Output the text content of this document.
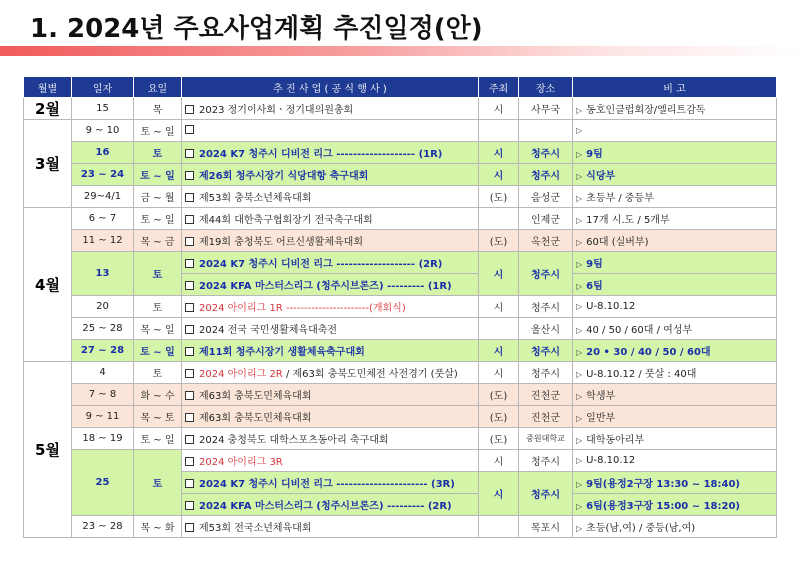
1. 2024년 주요사업계획 추진일정(안)
월별	일자	요일	추 진 사 업 ( 공 식 행 사 )	주최	장소	비 고
2월	15	목	2023 정기이사회ㆍ정기대의원총회	시	사무국	▷ 동호인클럽회장/엘리트감독
3월	9 ~ 10	토 ~ 일				▷
	16	토	2024 K7 청주시 디비전 리그 ------------------- (1R)	시	청주시	▷ 9팀
	23 ~ 24	토 ~ 일	제26회 청주시장기 식당대항 축구대회	시	청주시	▷ 식당부
	29~4/1	금 ~ 월	제53회 충북소년체육대회	(도)	음성군	▷ 초등부 / 중등부
4월	6 ~ 7	토 ~ 일	제44회 대한축구협회장기 전국축구대회		인제군	▷ 17개 시.도 / 5개부
	11 ~ 12	목 ~ 금	제19회 충청북도 어르신생활체육대회	(도)	옥천군	▷ 60대 (실버부)
	13	토	2024 K7 청주시 디비전 리그 ------------------- (2R)	시	청주시	▷ 9팀
			2024 KFA 마스터스리그 (청주시브론즈) --------- (1R)			▷ 6팀
	20	토	2024 아이리그 1R -----------------------(개회식)	시	청주시	▷ U-8.10.12
	25 ~ 28	목 ~ 일	2024 전국 국민생활체육대축전		울산시	▷ 40 / 50 / 60대 / 여성부
	27 ~ 28	토 ~ 일	제11회 청주시장기 생활체육축구대회	시	청주시	▷ 20 • 30 / 40 / 50 / 60대
5월	4	토	2024 아이리그 2R / 제63회 충북도민체전 사전경기 (풋살)	시	청주시	▷ U-8.10.12 / 풋살 : 40대
	7 ~ 8	화 ~ 수	제63회 충북도민체육대회	(도)	진천군	▷ 학생부
	9 ~ 11	목 ~ 토	제63회 충북도민체육대회	(도)	진천군	▷ 일반부
	18 ~ 19	토 ~ 일	2024 충청북도 대학스포츠동아리 축구대회	(도)	중원대학교	▷ 대학동아리부
	25	토	2024 아이리그 3R	시	청주시	▷ U-8.10.12
			2024 K7 청주시 디비전 리그 ---------------------- (3R)	시	청주시	▷ 9팀(용정2구장 13:30 ~ 18:40)
			2024 KFA 마스터스리그 (청주시브론즈) --------- (2R)			▷ 6팀(용정3구장 15:00 ~ 18:20)
	23 ~ 28	목 ~ 화	제53회 전국소년체육대회		목포시	▷ 초등(남,여) / 중등(남,여)
